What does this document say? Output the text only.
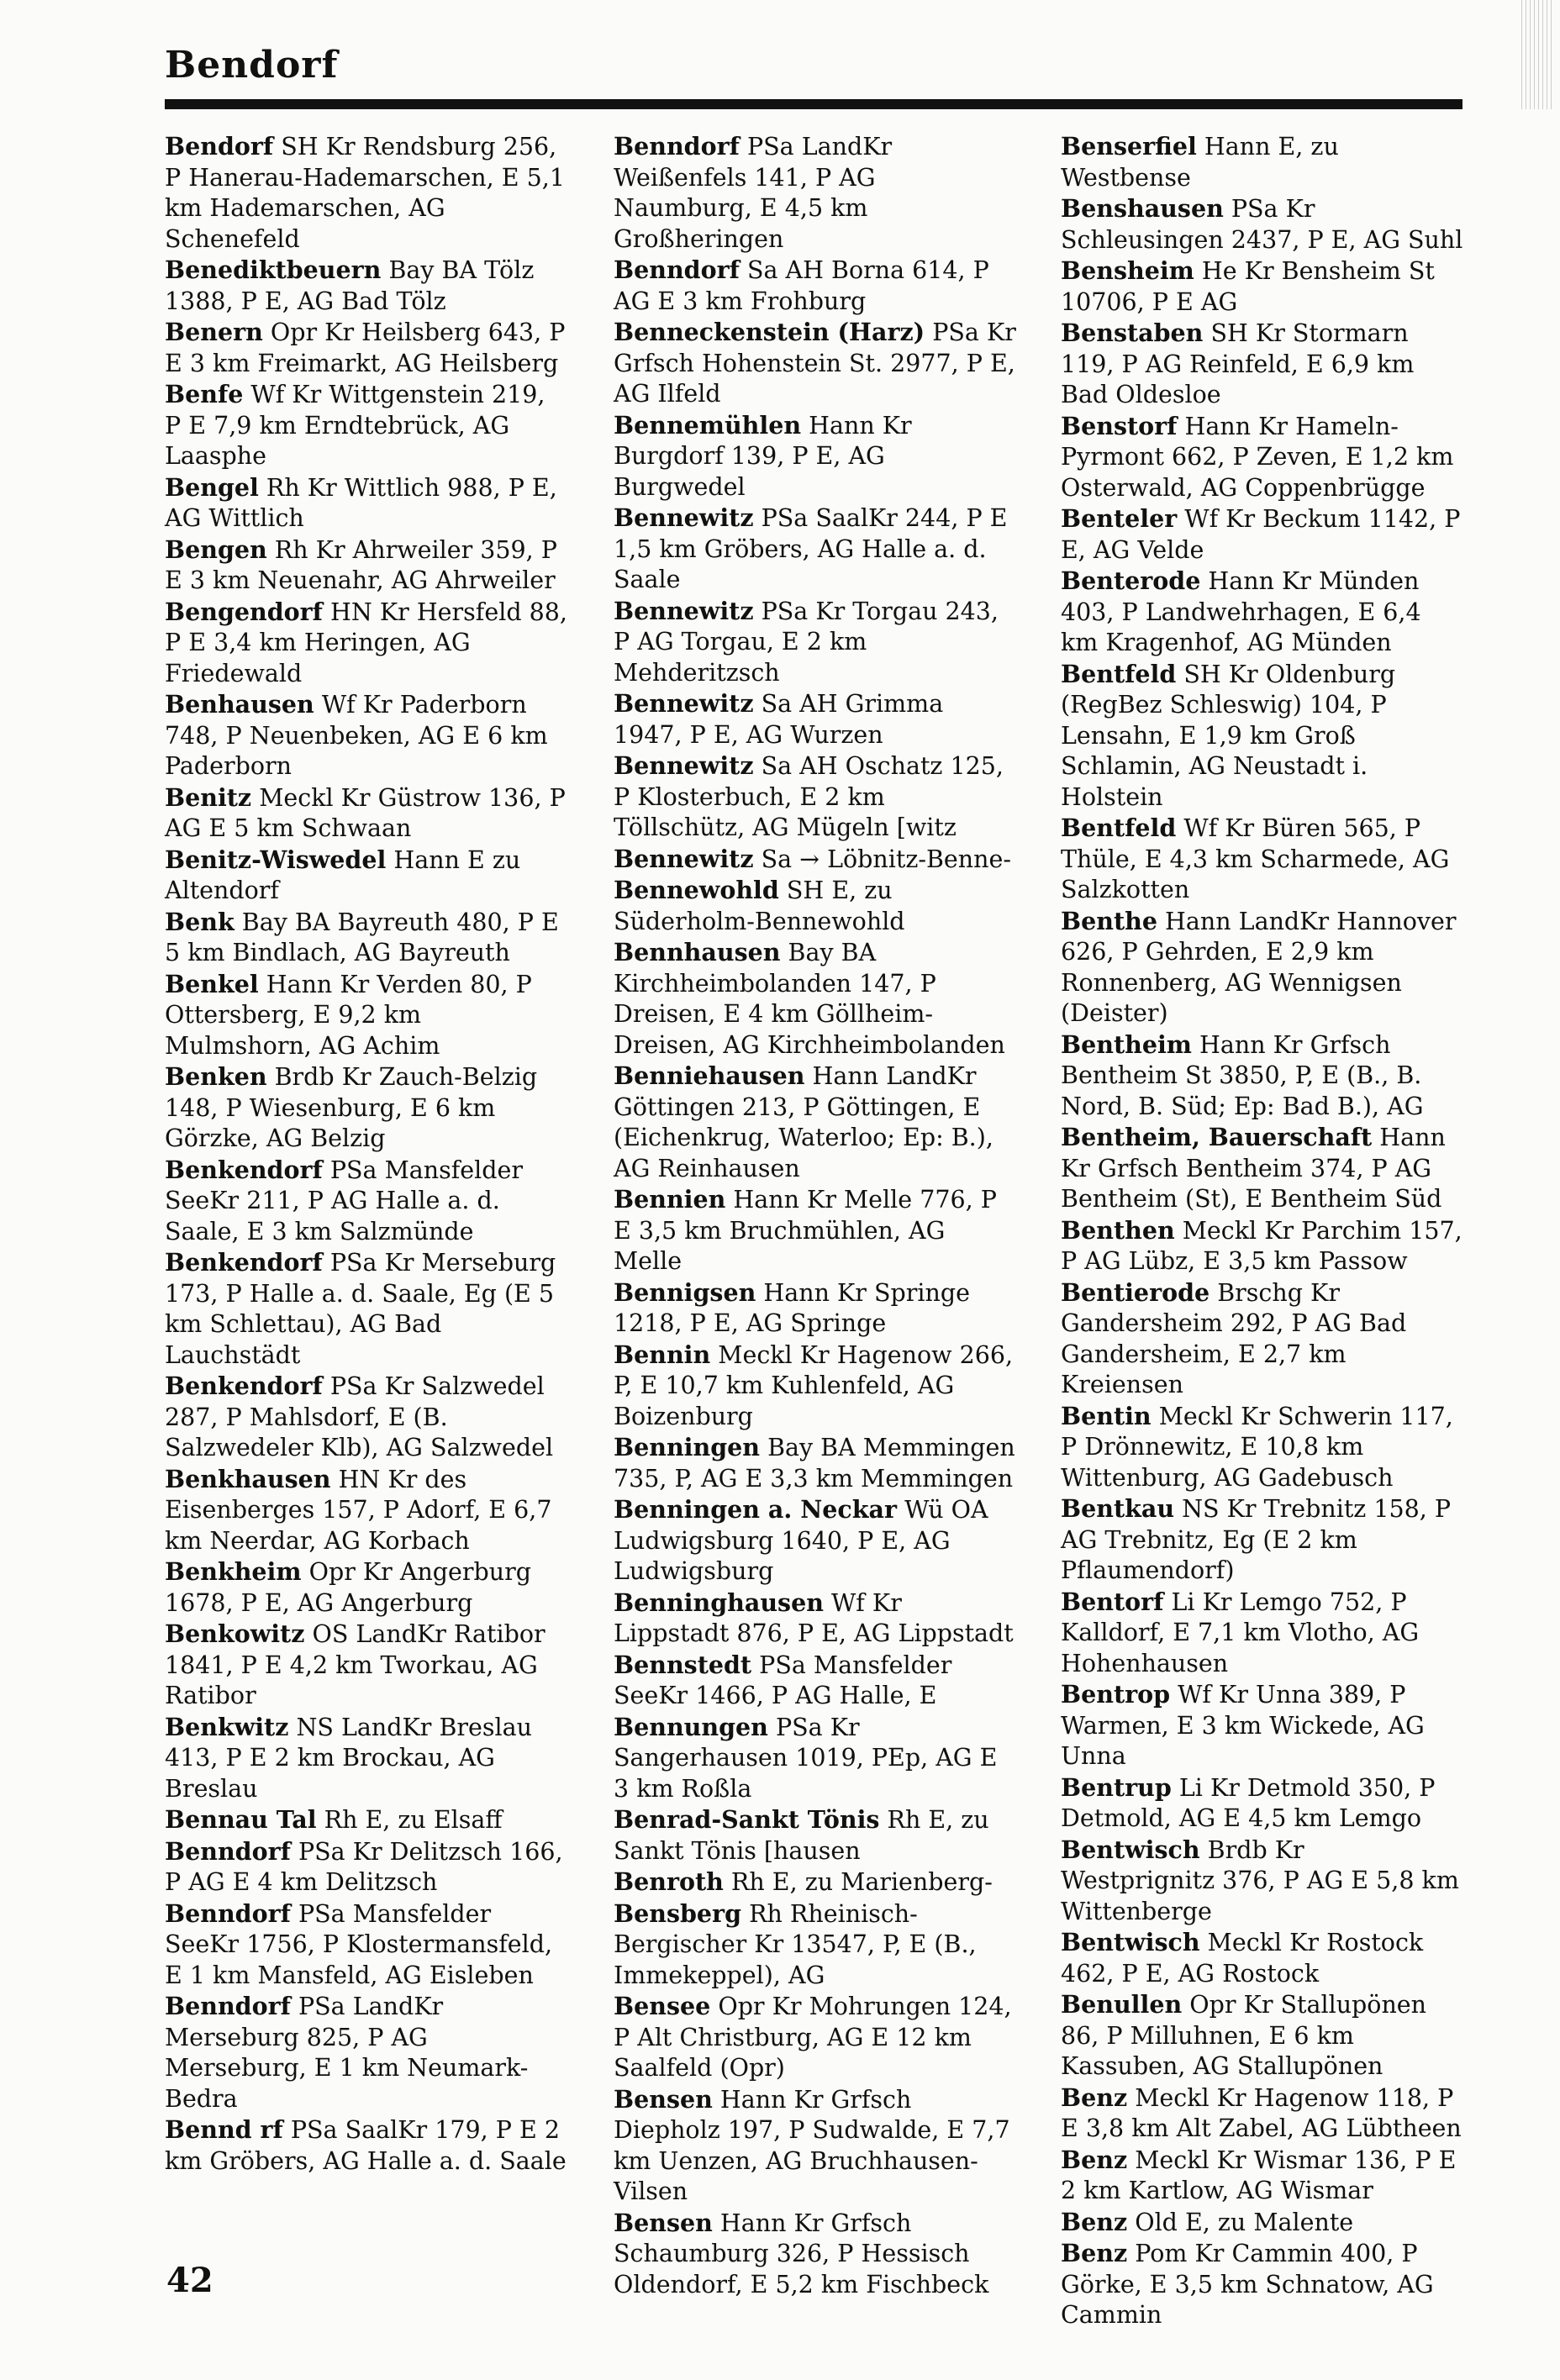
Bendorf

Bendorf SH Kr Rendsburg 256, P Hanerau-Hademarschen, E 5,1 km Hademarschen, AG Schenefeld

Benediktbeuern Bay BA Tölz 1388, P E, AG Bad Tölz

Benern Opr Kr Heilsberg 643, P E 3 km Freimarkt, AG Heilsberg

Benfe Wf Kr Wittgenstein 219, P E 7,9 km Erndtebrück, AG Laasphe

Bengel Rh Kr Wittlich 988, P E, AG Wittlich

Bengen Rh Kr Ahrweiler 359, P E 3 km Neuenahr, AG Ahrweiler

Bengendorf HN Kr Hersfeld 88, P E 3,4 km Heringen, AG Friedewald

Benhausen Wf Kr Paderborn 748, P Neuenbeken, AG E 6 km Paderborn

Benitz Meckl Kr Güstrow 136, P AG E 5 km Schwaan

Benitz-Wiswedel Hann E zu Altendorf

Benk Bay BA Bayreuth 480, P E 5 km Bindlach, AG Bayreuth

Benkel Hann Kr Verden 80, P Ottersberg, E 9,2 km Mulmshorn, AG Achim

Benken Brdb Kr Zauch-Belzig 148, P Wiesenburg, E 6 km Görzke, AG Belzig

Benkendorf PSa Mansfelder SeeKr 211, P AG Halle a. d. Saale, E 3 km Salzmünde

Benkendorf PSa Kr Merseburg 173, P Halle a. d. Saale, Eg (E 5 km Schlettau), AG Bad Lauchstädt

Benkendorf PSa Kr Salzwedel 287, P Mahlsdorf, E (B. Salzwedeler Klb), AG Salzwedel

Benkhausen HN Kr des Eisenberges 157, P Adorf, E 6,7 km Neerdar, AG Korbach

Benkheim Opr Kr Angerburg 1678, P E, AG Angerburg

Benkowitz OS LandKr Ratibor 1841, P E 4,2 km Tworkau, AG Ratibor

Benkwitz NS LandKr Breslau 413, P E 2 km Brockau, AG Breslau

Bennau Tal Rh E, zu Elsaff

Benndorf PSa Kr Delitzsch 166, P AG E 4 km Delitzsch

Benndorf PSa Mansfelder SeeKr 1756, P Klostermansfeld, E 1 km Mansfeld, AG Eisleben

Benndorf PSa LandKr Merseburg 825, P AG Merseburg, E 1 km Neumark-Bedra

Bennd rf PSa SaalKr 179, P E 2 km Gröbers, AG Halle a. d. Saale

Benndorf PSa LandKr Weißenfels 141, P AG Naumburg, E 4,5 km Großheringen

Benndorf Sa AH Borna 614, P AG E 3 km Frohburg

Benneckenstein (Harz) PSa Kr Grfsch Hohenstein St. 2977, P E, AG Ilfeld

Bennemühlen Hann Kr Burgdorf 139, P E, AG Burgwedel

Bennewitz PSa SaalKr 244, P E 1,5 km Gröbers, AG Halle a. d. Saale

Bennewitz PSa Kr Torgau 243, P AG Torgau, E 2 km Mehderitzsch

Bennewitz Sa AH Grimma 1947, P E, AG Wurzen

Bennewitz Sa AH Oschatz 125, P Klosterbuch, E 2 km Töllschütz, AG Mügeln [witz

Bennewitz Sa → Löbnitz-Benne-

Bennewohld SH E, zu Süderholm-Bennewohld

Bennhausen Bay BA Kirchheimbolanden 147, P Dreisen, E 4 km Göllheim-Dreisen, AG Kirchheimbolanden

Benniehausen Hann LandKr Göttingen 213, P Göttingen, E (Eichenkrug, Waterloo; Ep: B.), AG Reinhausen

Bennien Hann Kr Melle 776, P E 3,5 km Bruchmühlen, AG Melle

Bennigsen Hann Kr Springe 1218, P E, AG Springe

Bennin Meckl Kr Hagenow 266, P, E 10,7 km Kuhlenfeld, AG Boizenburg

Benningen Bay BA Memmingen 735, P, AG E 3,3 km Memmingen

Benningen a. Neckar Wü OA Ludwigsburg 1640, P E, AG Ludwigsburg

Benninghausen Wf Kr Lippstadt 876, P E, AG Lippstadt

Bennstedt PSa Mansfelder SeeKr 1466, P AG Halle, E

Bennungen PSa Kr Sangerhausen 1019, PEp, AG E 3 km Roßla

Benrad-Sankt Tönis Rh E, zu Sankt Tönis [hausen

Benroth Rh E, zu Marienberg-

Bensberg Rh Rheinisch-Bergischer Kr 13547, P, E (B., Immekeppel), AG

Bensee Opr Kr Mohrungen 124, P Alt Christburg, AG E 12 km Saalfeld (Opr)

Bensen Hann Kr Grfsch Diepholz 197, P Sudwalde, E 7,7 km Uenzen, AG Bruchhausen-Vilsen

Bensen Hann Kr Grfsch Schaumburg 326, P Hessisch Oldendorf, E 5,2 km Fischbeck

Benserfiel Hann E, zu Westbense

Benshausen PSa Kr Schleusingen 2437, P E, AG Suhl

Bensheim He Kr Bensheim St 10706, P E AG

Benstaben SH Kr Stormarn 119, P AG Reinfeld, E 6,9 km Bad Oldesloe

Benstorf Hann Kr Hameln-Pyrmont 662, P Zeven, E 1,2 km Osterwald, AG Coppenbrügge

Benteler Wf Kr Beckum 1142, P E, AG Velde

Benterode Hann Kr Münden 403, P Landwehrhagen, E 6,4 km Kragenhof, AG Münden

Bentfeld SH Kr Oldenburg (RegBez Schleswig) 104, P Lensahn, E 1,9 km Groß Schlamin, AG Neustadt i. Holstein

Bentfeld Wf Kr Büren 565, P Thüle, E 4,3 km Scharmede, AG Salzkotten

Benthe Hann LandKr Hannover 626, P Gehrden, E 2,9 km Ronnenberg, AG Wennigsen (Deister)

Bentheim Hann Kr Grfsch Bentheim St 3850, P, E (B., B. Nord, B. Süd; Ep: Bad B.), AG

Bentheim, Bauerschaft Hann Kr Grfsch Bentheim 374, P AG Bentheim (St), E Bentheim Süd

Benthen Meckl Kr Parchim 157, P AG Lübz, E 3,5 km Passow

Bentierode Brschg Kr Gandersheim 292, P AG Bad Gandersheim, E 2,7 km Kreiensen

Bentin Meckl Kr Schwerin 117, P Drönnewitz, E 10,8 km Wittenburg, AG Gadebusch

Bentkau NS Kr Trebnitz 158, P AG Trebnitz, Eg (E 2 km Pflaumendorf)

Bentorf Li Kr Lemgo 752, P Kalldorf, E 7,1 km Vlotho, AG Hohenhausen

Bentrop Wf Kr Unna 389, P Warmen, E 3 km Wickede, AG Unna

Bentrup Li Kr Detmold 350, P Detmold, AG E 4,5 km Lemgo

Bentwisch Brdb Kr Westprignitz 376, P AG E 5,8 km Wittenberge

Bentwisch Meckl Kr Rostock 462, P E, AG Rostock

Benullen Opr Kr Stallupönen 86, P Milluhnen, E 6 km Kassuben, AG Stallupönen

Benz Meckl Kr Hagenow 118, P E 3,8 km Alt Zabel, AG Lübtheen

Benz Meckl Kr Wismar 136, P E 2 km Kartlow, AG Wismar

Benz Old E, zu Malente

Benz Pom Kr Cammin 400, P Görke, E 3,5 km Schnatow, AG Cammin

42
